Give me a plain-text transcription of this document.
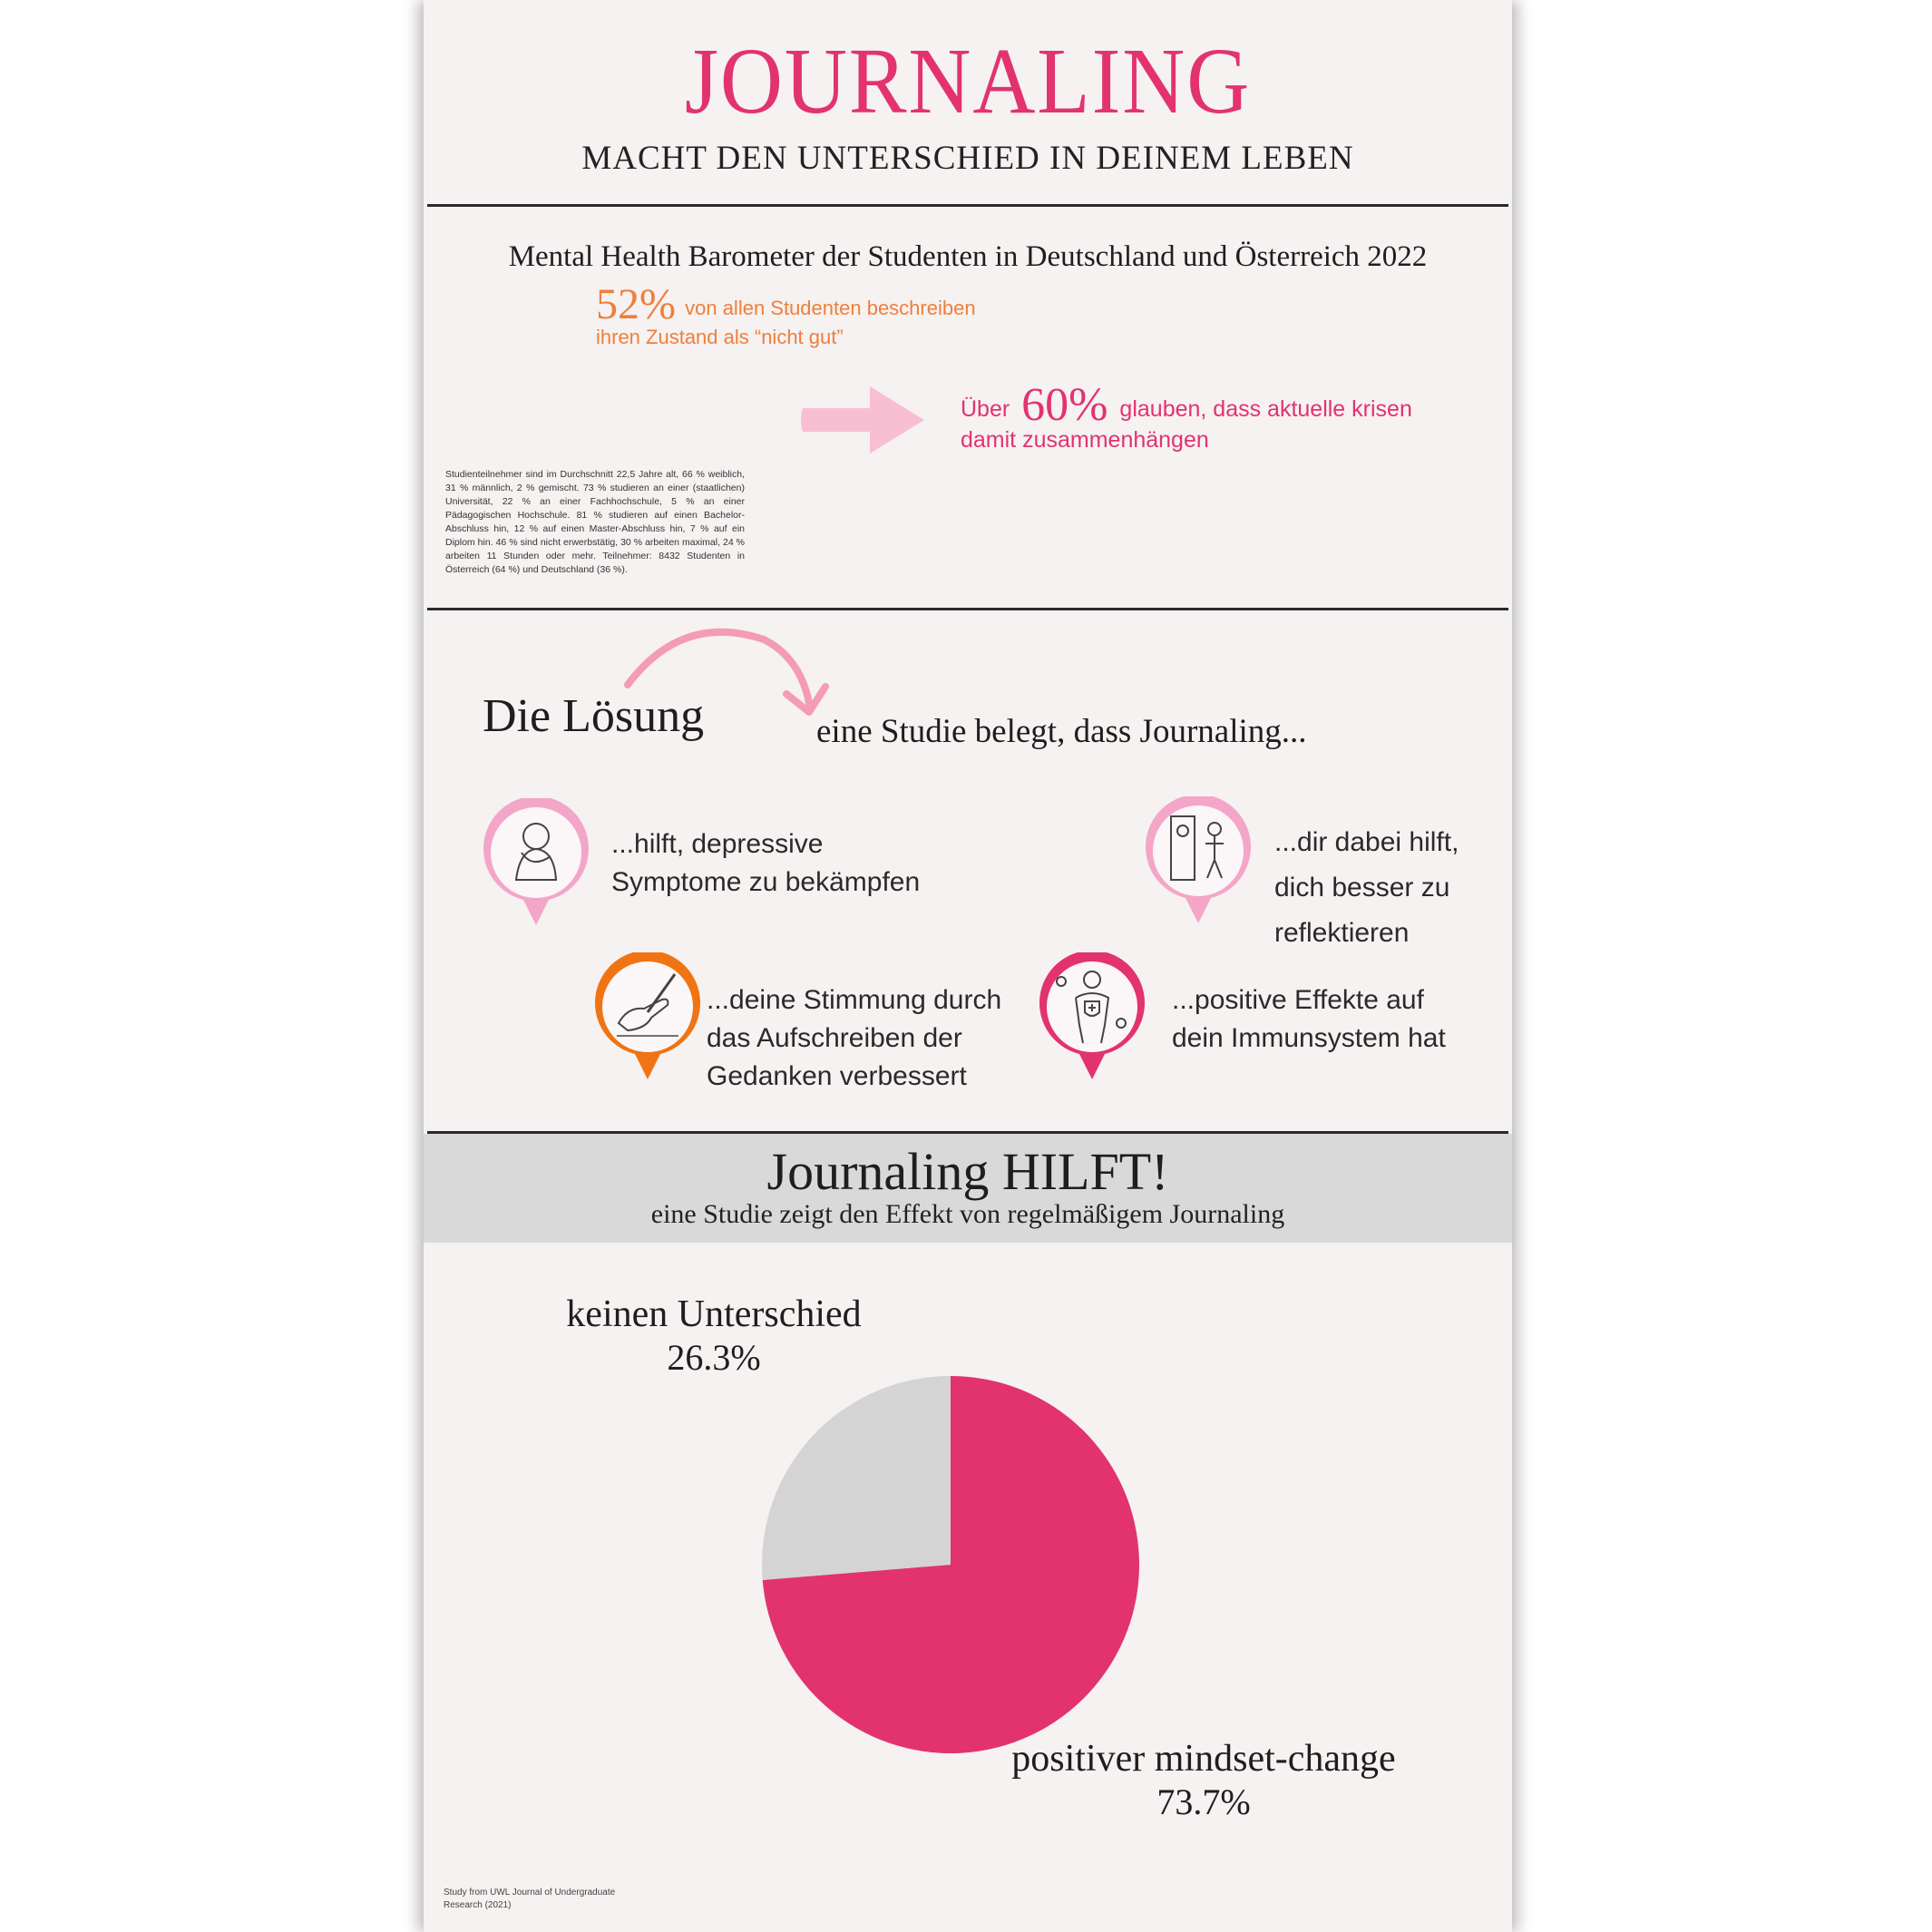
JOURNALING
MACHT DEN UNTERSCHIED IN DEINEM LEBEN
Mental Health Barometer der Studenten in Deutschland und Österreich 2022
52% von allen Studenten beschreiben ihren Zustand als “nicht gut”
Über 60% glauben, dass aktuelle krisen damit zusammenhängen
Studienteilnehmer sind im Durchschnitt 22,5 Jahre alt, 66 % weiblich, 31 % männlich, 2 % gemischt. 73 % studieren an einer (staatlichen) Universität, 22 % an einer Fachhochschule, 5 % an einer Pädagogischen Hochschule. 81 % studieren auf einen Bachelor-Abschluss hin, 12 % auf einen Master-Abschluss hin, 7 % auf ein Diplom hin. 46 % sind nicht erwerbstätig, 30 % arbeiten maximal, 24 % arbeiten 11 Stunden oder mehr. Teilnehmer: 8432 Studenten in Österreich (64 %) und Deutschland (36 %).
Die Lösung	eine Studie belegt, dass Journaling...
...hilft, depressive
Symptome zu bekämpfen
...dir dabei hilft,
dich besser zu
reflektieren
...deine Stimmung durch
das Aufschreiben der
Gedanken verbessert
...positive Effekte auf
dein Immunsystem hat
Journaling HILFT!
eine Studie zeigt den Effekt von regelmäßigem Journaling
keinen Unterschied
26.3%
positiver mindset-change
73.7%
Study from UWL Journal of Undergraduate Research (2021)
